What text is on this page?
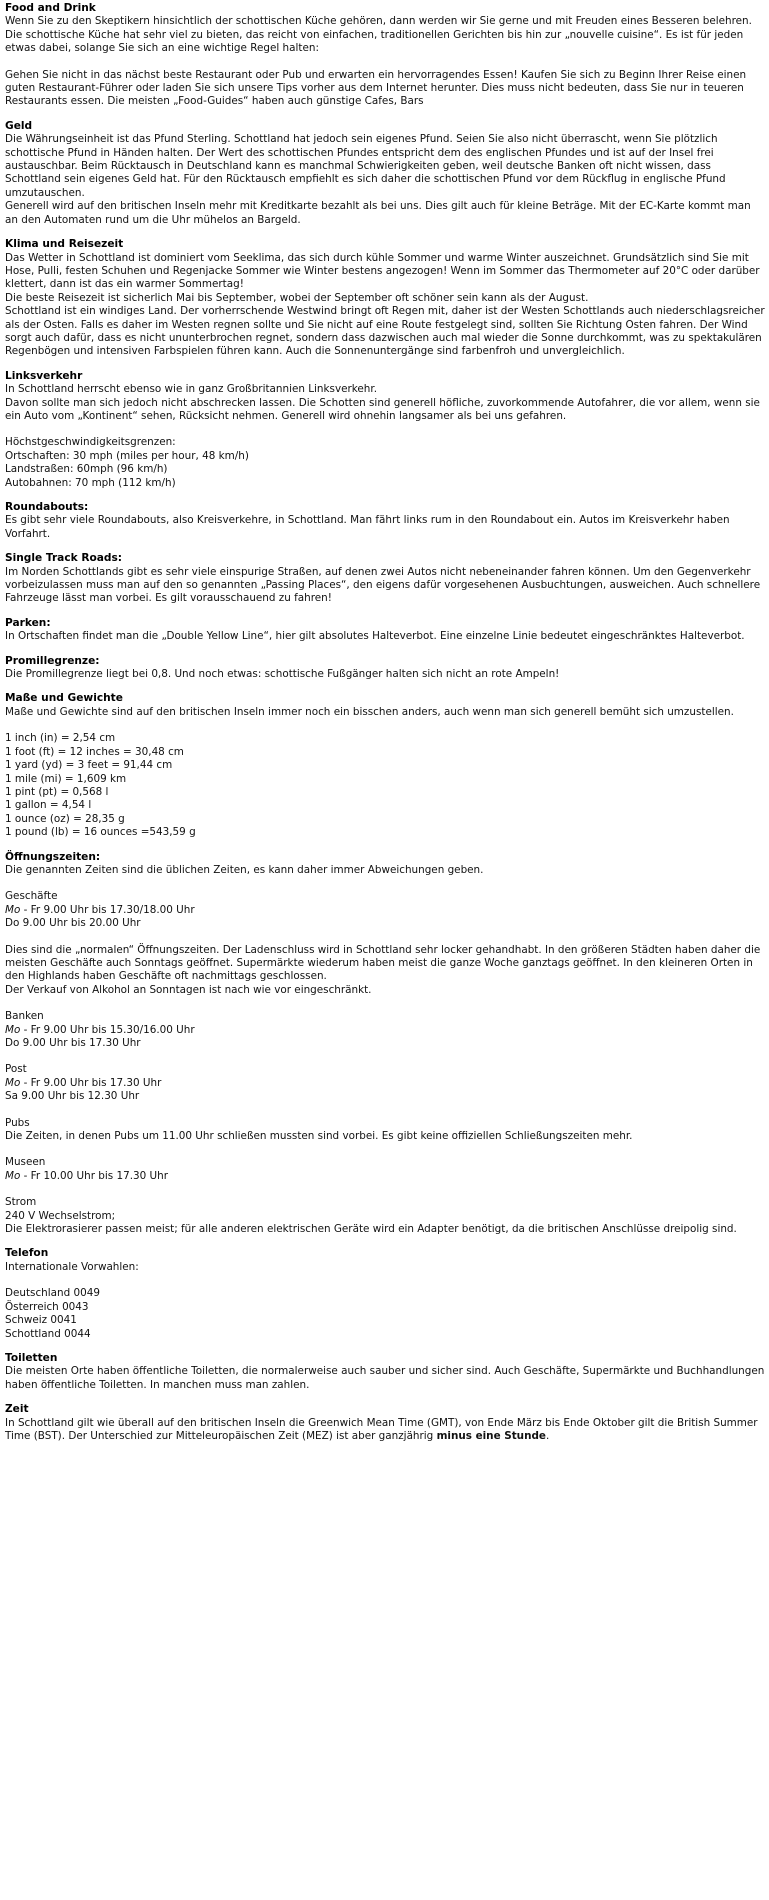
Food and Drink

Wenn Sie zu den Skeptikern hinsichtlich der schottischen Küche gehören, dann werden wir Sie gerne und mit Freuden eines Besseren belehren. Die schottische Küche hat sehr viel zu bieten, das reicht von einfachen, traditionellen Gerichten bis hin zur „nouvelle cuisine“. Es ist für jeden etwas dabei, solange Sie sich an eine wichtige Regel halten:

Gehen Sie nicht in das nächst beste Restaurant oder Pub und erwarten ein hervorragendes Essen! Kaufen Sie sich zu Beginn Ihrer Reise einen guten Restaurant-Führer oder laden Sie sich unsere Tips vorher aus dem Internet herunter. Dies muss nicht bedeuten, dass Sie nur in teueren Restaurants essen. Die meisten „Food-Guides“ haben auch günstige Cafes, Bars

Geld

Die Währungseinheit ist das Pfund Sterling. Schottland hat jedoch sein eigenes Pfund. Seien Sie also nicht überrascht, wenn Sie plötzlich schottische Pfund in Händen halten. Der Wert des schottischen Pfundes entspricht dem des englischen Pfundes und ist auf der Insel frei austauschbar. Beim Rücktausch in Deutschland kann es manchmal Schwierigkeiten geben, weil deutsche Banken oft nicht wissen, dass Schottland sein eigenes Geld hat. Für den Rücktausch empfiehlt es sich daher die schottischen Pfund vor dem Rückflug in englische Pfund umzutauschen.

Generell wird auf den britischen Inseln mehr mit Kreditkarte bezahlt als bei uns. Dies gilt auch für kleine Beträge. Mit der EC-Karte kommt man an den Automaten rund um die Uhr mühelos an Bargeld.

Klima und Reisezeit

Das Wetter in Schottland ist dominiert vom Seeklima, das sich durch kühle Sommer und warme Winter auszeichnet. Grundsätzlich sind Sie mit Hose, Pulli, festen Schuhen und Regenjacke Sommer wie Winter bestens angezogen! Wenn im Sommer das Thermometer auf 20°C oder darüber klettert, dann ist das ein warmer Sommertag!

Die beste Reisezeit ist sicherlich Mai bis September, wobei der September oft schöner sein kann als der August.

Schottland ist ein windiges Land. Der vorherrschende Westwind bringt oft Regen mit, daher ist der Westen Schottlands auch niederschlagsreicher als der Osten. Falls es daher im Westen regnen sollte und Sie nicht auf eine Route festgelegt sind, sollten Sie Richtung Osten fahren. Der Wind sorgt auch dafür, dass es nicht ununterbrochen regnet, sondern dass dazwischen auch mal wieder die Sonne durchkommt, was zu spektakulären Regenbögen und intensiven Farbspielen führen kann. Auch die Sonnenuntergänge sind farbenfroh und unvergleichlich.

Linksverkehr

In Schottland herrscht ebenso wie in ganz Großbritannien Linksverkehr.

Davon sollte man sich jedoch nicht abschrecken lassen. Die Schotten sind generell höfliche, zuvorkommende Autofahrer, die vor allem, wenn sie ein Auto vom „Kontinent“ sehen, Rücksicht nehmen. Generell wird ohnehin langsamer als bei uns gefahren.

Höchstgeschwindigkeitsgrenzen:

Ortschaften: 30 mph (miles per hour, 48 km/h)

Landstraßen: 60mph (96 km/h)

Autobahnen: 70 mph (112 km/h)

Roundabouts:

Es gibt sehr viele Roundabouts, also Kreisverkehre, in Schottland. Man fährt links rum in den Roundabout ein. Autos im Kreisverkehr haben Vorfahrt.

Single Track Roads:

Im Norden Schottlands gibt es sehr viele einspurige Straßen, auf denen zwei Autos nicht nebeneinander fahren können. Um den Gegenverkehr vorbeizulassen muss man auf den so genannten „Passing Places“, den eigens dafür vorgesehenen Ausbuchtungen, ausweichen. Auch schnellere Fahrzeuge lässt man vorbei. Es gilt vorausschauend zu fahren!

Parken:

In Ortschaften findet man die „Double Yellow Line“, hier gilt absolutes Halteverbot. Eine einzelne Linie bedeutet eingeschränktes Halteverbot.

Promillegrenze:

Die Promillegrenze liegt bei 0,8. Und noch etwas: schottische Fußgänger halten sich nicht an rote Ampeln!

Maße und Gewichte

Maße und Gewichte sind auf den britischen Inseln immer noch ein bisschen anders, auch wenn man sich generell bemüht sich umzustellen.

1 inch (in) = 2,54 cm

1 foot (ft) = 12 inches = 30,48 cm

1 yard (yd) = 3 feet = 91,44 cm

1 mile (mi) = 1,609 km

1 pint (pt) = 0,568 l

1 gallon = 4,54 l

1 ounce (oz) = 28,35 g

1 pound (lb) = 16 ounces =543,59 g

Öffnungszeiten:

Die genannten Zeiten sind die üblichen Zeiten, es kann daher immer Abweichungen geben.

Geschäfte

Mo - Fr 9.00 Uhr bis 17.30/18.00 Uhr

Do 9.00 Uhr bis 20.00 Uhr

Dies sind die „normalen“ Öffnungszeiten. Der Ladenschluss wird in Schottland sehr locker gehandhabt. In den größeren Städten haben daher die meisten Geschäfte auch Sonntags geöffnet. Supermärkte wiederum haben meist die ganze Woche ganztags geöffnet. In den kleineren Orten in den Highlands haben Geschäfte oft nachmittags geschlossen.

Der Verkauf von Alkohol an Sonntagen ist nach wie vor eingeschränkt.

Banken

Mo - Fr 9.00 Uhr bis 15.30/16.00 Uhr

Do 9.00 Uhr bis 17.30 Uhr

Post

Mo - Fr 9.00 Uhr bis 17.30 Uhr

Sa 9.00 Uhr bis 12.30 Uhr

Pubs

Die Zeiten, in denen Pubs um 11.00 Uhr schließen mussten sind vorbei. Es gibt keine offiziellen Schließungszeiten mehr.

Museen

Mo - Fr 10.00 Uhr bis 17.30 Uhr

Strom

240 V Wechselstrom;

Die Elektrorasierer passen meist; für alle anderen elektrischen Geräte wird ein Adapter benötigt, da die britischen Anschlüsse dreipolig sind.

Telefon

Internationale Vorwahlen:

Deutschland 0049

Österreich 0043

Schweiz 0041

Schottland 0044

Toiletten

Die meisten Orte haben öffentliche Toiletten, die normalerweise auch sauber und sicher sind. Auch Geschäfte, Supermärkte und Buchhandlungen haben öffentliche Toiletten. In manchen muss man zahlen.

Zeit

In Schottland gilt wie überall auf den britischen Inseln die Greenwich Mean Time (GMT), von Ende März bis Ende Oktober gilt die British Summer Time (BST). Der Unterschied zur Mitteleuropäischen Zeit (MEZ) ist aber ganzjährig minus eine Stunde.
